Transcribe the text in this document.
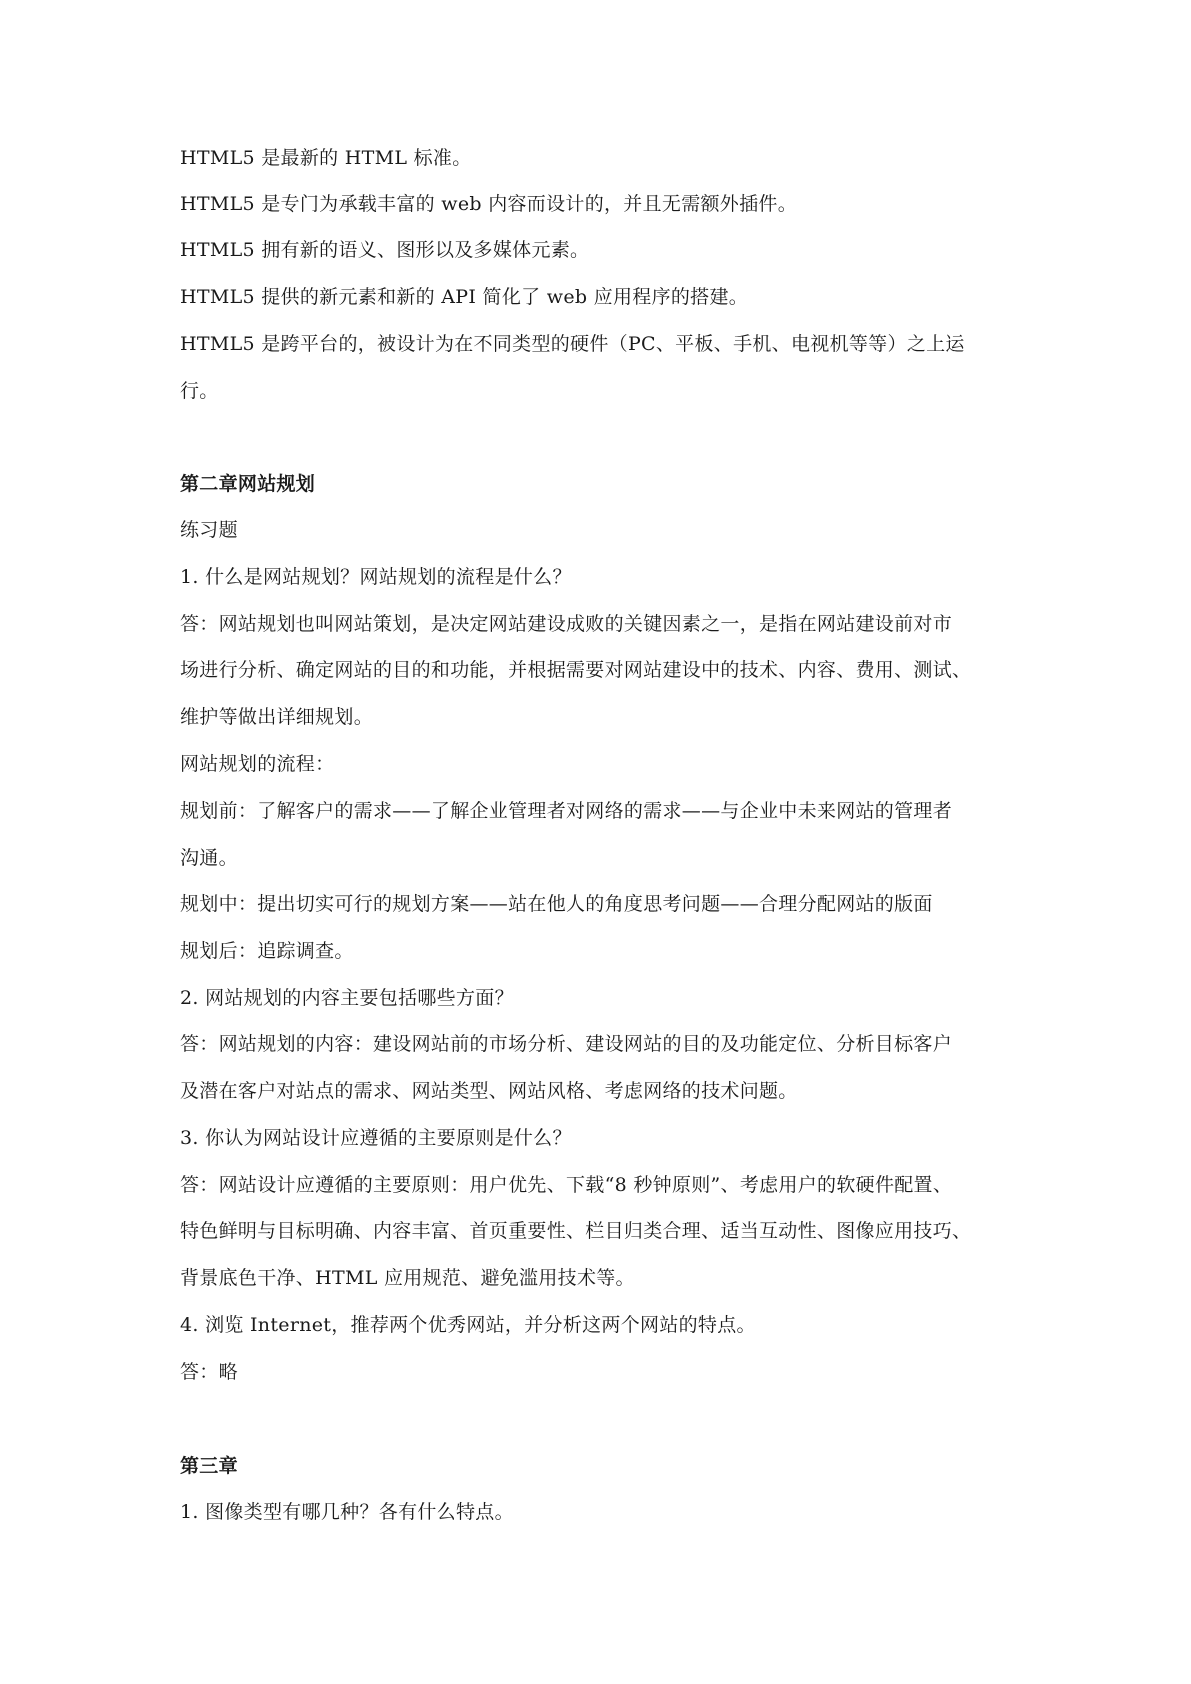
HTML5 是最新的 HTML 标准。
HTML5 是专门为承载丰富的 web 内容而设计的，并且无需额外插件。
HTML5 拥有新的语义、图形以及多媒体元素。
HTML5 提供的新元素和新的 API 简化了 web 应用程序的搭建。
HTML5 是跨平台的，被设计为在不同类型的硬件（PC、平板、手机、电视机等等）之上运
行。
第二章网站规划
练习题
1. 什么是网站规划？网站规划的流程是什么？
答：网站规划也叫网站策划，是决定网站建设成败的关键因素之一，是指在网站建设前对市
场进行分析、确定网站的目的和功能，并根据需要对网站建设中的技术、内容、费用、测试、
维护等做出详细规划。
网站规划的流程：
规划前：了解客户的需求——了解企业管理者对网络的需求——与企业中未来网站的管理者
沟通。
规划中：提出切实可行的规划方案——站在他人的角度思考问题——合理分配网站的版面
规划后：追踪调查。
2. 网站规划的内容主要包括哪些方面？
答：网站规划的内容：建设网站前的市场分析、建设网站的目的及功能定位、分析目标客户
及潜在客户对站点的需求、网站类型、网站风格、考虑网络的技术问题。
3. 你认为网站设计应遵循的主要原则是什么？
答：网站设计应遵循的主要原则：用户优先、下载“8 秒钟原则”、考虑用户的软硬件配置、
特色鲜明与目标明确、内容丰富、首页重要性、栏目归类合理、适当互动性、图像应用技巧、
背景底色干净、HTML 应用规范、避免滥用技术等。
4. 浏览 Internet，推荐两个优秀网站，并分析这两个网站的特点。
答：略
第三章
1. 图像类型有哪几种？各有什么特点。
